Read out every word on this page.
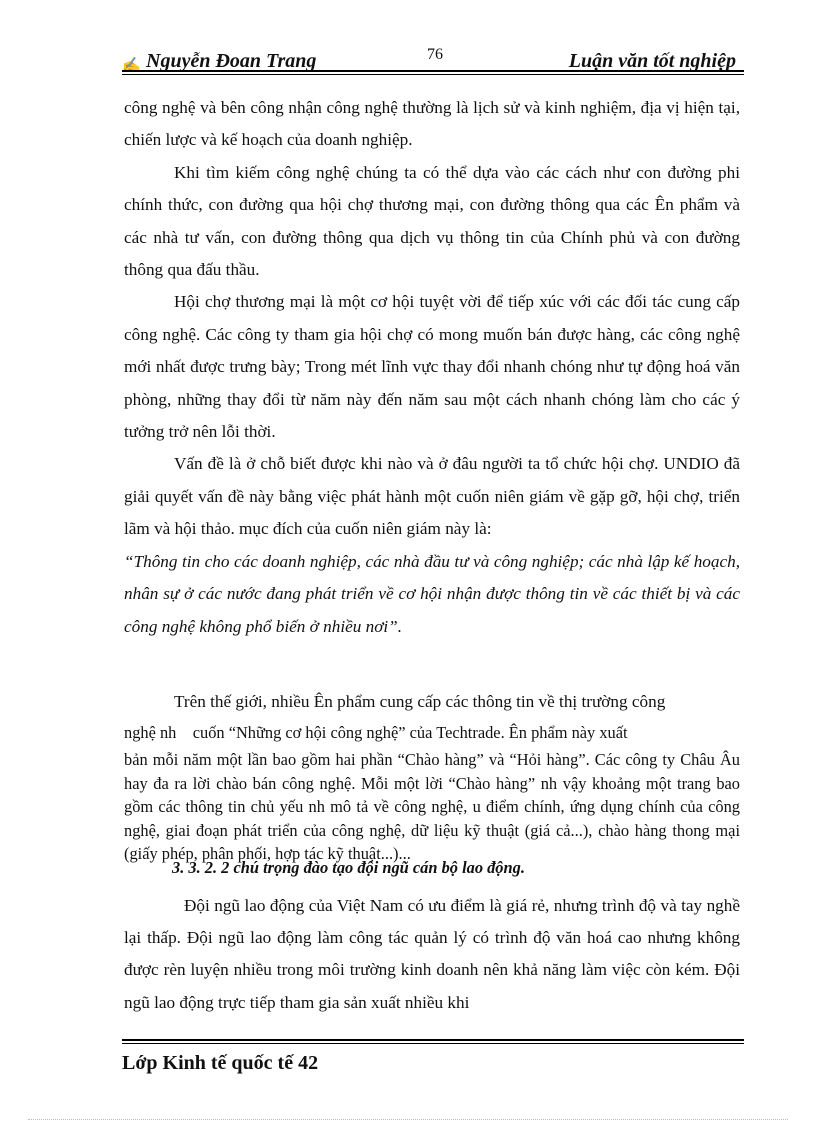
✍ Nguyễn Đoan Trang	76	Luận văn tốt nghiệp

công nghệ và bên công nhận công nghệ thường là lịch sử và kinh nghiệm, địa vị hiện tại, chiến lược và kế hoạch của doanh nghiệp.

Khi tìm kiếm công nghệ chúng ta có thể dựa vào các cách như con đường phi chính thức, con đường qua hội chợ thương mại, con đường thông qua các Ên phẩm và các nhà tư vấn, con đường thông qua dịch vụ thông tin của Chính phủ và con đường thông qua đấu thầu.

Hội chợ thương mại là một cơ hội tuyệt vời để tiếp xúc với các đối tác cung cấp công nghệ. Các công ty tham gia hội chợ có mong muốn bán được hàng, các công nghệ mới nhất được trưng bày; Trong mét lĩnh vực thay đổi nhanh chóng như tự động hoá văn phòng, những thay đổi từ năm này đến năm sau một cách nhanh chóng làm cho các ý tưởng trở nên lỗi thời.

Vấn đề là ở chỗ biết được khi nào và ở đâu người ta tổ chức hội chợ. UNDIO đã giải quyết vấn đề này bằng việc phát hành một cuốn niên giám về gặp gỡ, hội chợ, triển lãm và hội thảo. mục đích của cuốn niên giám này là:

“Thông tin cho các doanh nghiệp, các nhà đầu tư và công nghiệp; các nhà lập kế hoạch, nhân sự ở các nước đang phát triển về cơ hội nhận được thông tin về các thiết bị và các công nghệ không phổ biến ở nhiều nơi”.

Trên thế giới, nhiều Ên phẩm cung cấp các thông tin về thị trường công

nghệ nh    cuốn “Những cơ hội công nghệ” của Techtrade. Ên phẩm này xuất

bản mỗi năm một lần bao gồm hai phần “Chào hàng” và “Hỏi hàng”. Các công ty Châu Âu hay đa ra lời chào bán công nghệ. Mỗi một lời “Chào hàng” nh vậy khoảng một trang bao gồm các thông tin chủ yếu nh mô tả về công nghệ, u điểm chính, ứng dụng chính của công nghệ, giai đoạn phát triển của công nghệ, dữ liệu kỹ thuật (giá cả...), chào hàng thong mại (giấy phép, phân phối, hợp tác kỹ thuật...)...

3. 3. 2. 2 chú trọng đào tạo đội ngũ cán bộ lao động.

Đội ngũ lao động của Việt Nam có ưu điểm là giá rẻ, nhưng trình độ và tay nghề lại thấp. Đội ngũ lao động làm công tác quản lý có trình độ văn hoá cao nhưng không được rèn luyện nhiều trong môi trường kinh doanh nên khả năng làm việc còn kém. Đội ngũ lao động trực tiếp tham gia sản xuất nhiều khi

Lớp Kinh tế quốc tế 42
